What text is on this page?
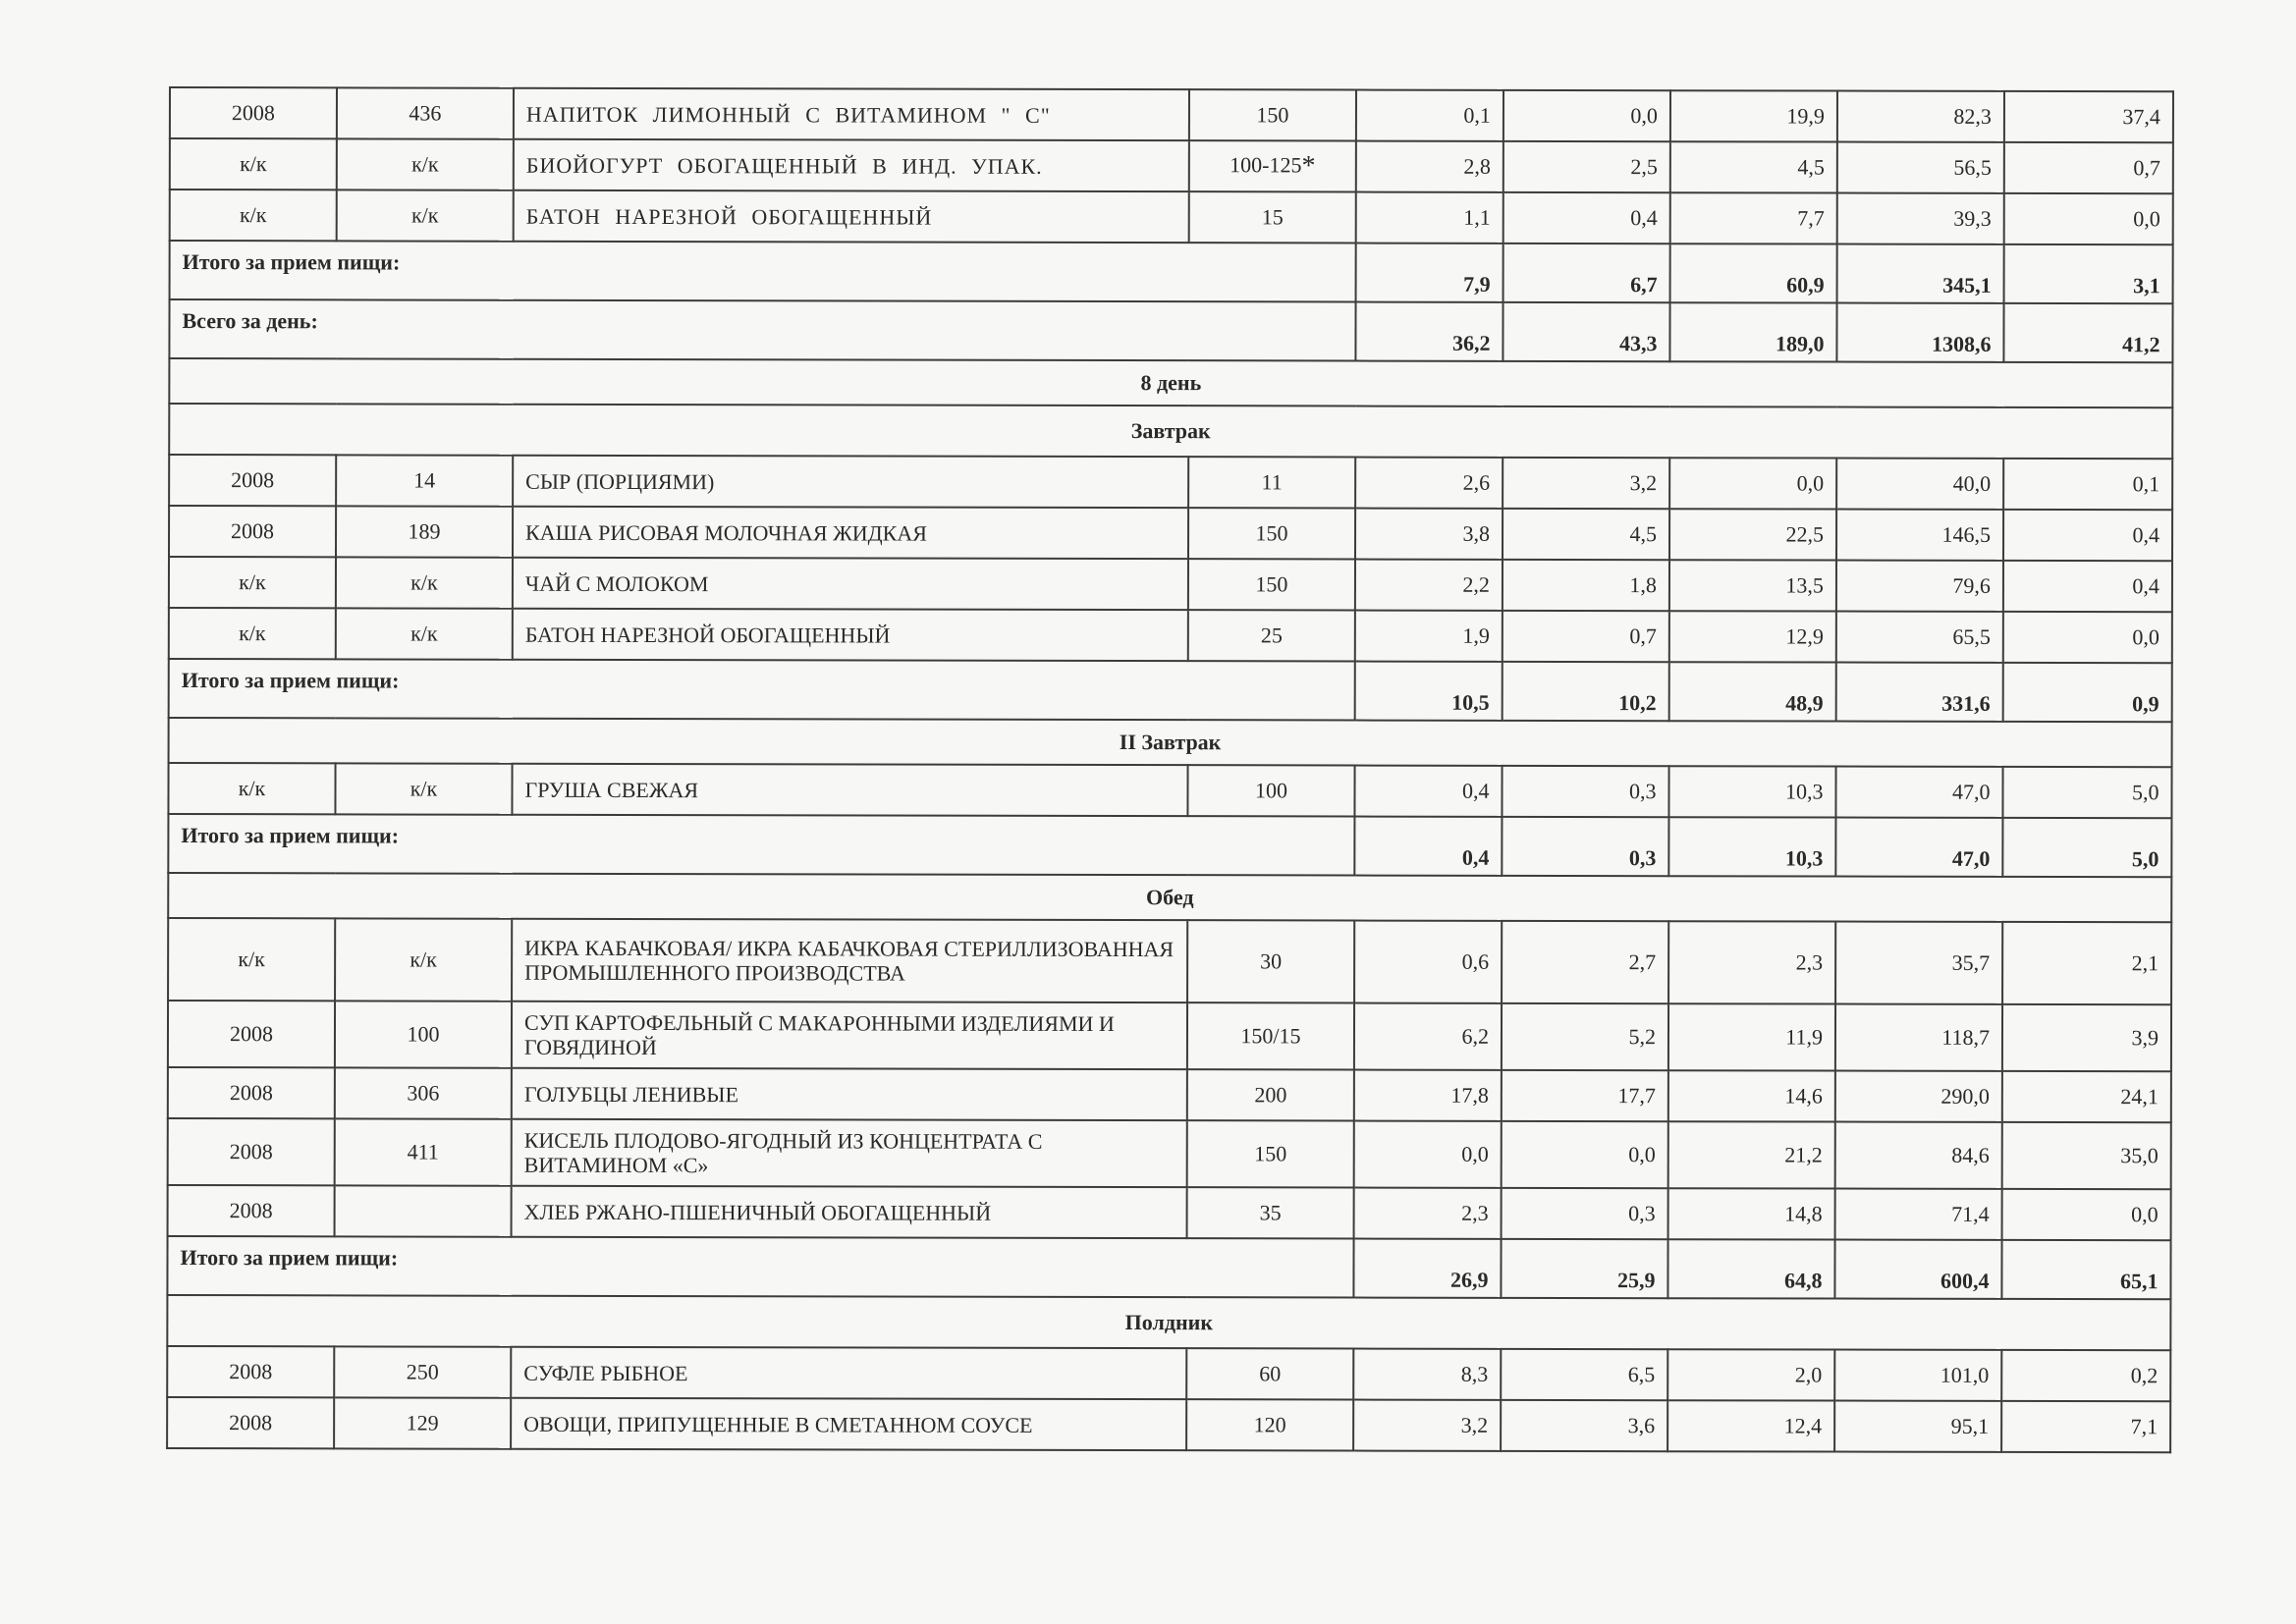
2008	436	НАПИТОК ЛИМОННЫЙ С ВИТАМИНОМ " С"	150	0,1	0,0	19,9	82,3	37,4
к/к	к/к	БИОЙОГУРТ ОБОГАЩЕННЫЙ В ИНД. УПАК.	100-125*	2,8	2,5	4,5	56,5	0,7
к/к	к/к	БАТОН НАРЕЗНОЙ ОБОГАЩЕННЫЙ	15	1,1	0,4	7,7	39,3	0,0
Итого за прием пищи:				7,9	6,7	60,9	345,1	3,1
Всего за день:				36,2	43,3	189,0	1308,6	41,2
8 день								
Завтрак								
2008	14	СЫР (ПОРЦИЯМИ)	11	2,6	3,2	0,0	40,0	0,1
2008	189	КАША РИСОВАЯ МОЛОЧНАЯ ЖИДКАЯ	150	3,8	4,5	22,5	146,5	0,4
к/к	к/к	ЧАЙ С МОЛОКОМ	150	2,2	1,8	13,5	79,6	0,4
к/к	к/к	БАТОН НАРЕЗНОЙ ОБОГАЩЕННЫЙ	25	1,9	0,7	12,9	65,5	0,0
Итого за прием пищи:				10,5	10,2	48,9	331,6	0,9
II Завтрак								
к/к	к/к	ГРУША СВЕЖАЯ	100	0,4	0,3	10,3	47,0	5,0
Итого за прием пищи:				0,4	0,3	10,3	47,0	5,0
Обед								
к/к	к/к	ИКРА КАБАЧКОВАЯ/ ИКРА КАБАЧКОВАЯ СТЕРИЛЛИЗОВАННАЯ ПРОМЫШЛЕННОГО ПРОИЗВОДСТВА	30	0,6	2,7	2,3	35,7	2,1
2008	100	СУП КАРТОФЕЛЬНЫЙ С МАКАРОННЫМИ ИЗДЕЛИЯМИ И ГОВЯДИНОЙ	150/15	6,2	5,2	11,9	118,7	3,9
2008	306	ГОЛУБЦЫ ЛЕНИВЫЕ	200	17,8	17,7	14,6	290,0	24,1
2008	411	КИСЕЛЬ ПЛОДОВО-ЯГОДНЫЙ ИЗ КОНЦЕНТРАТА С ВИТАМИНОМ «С»	150	0,0	0,0	21,2	84,6	35,0
2008		ХЛЕБ РЖАНО-ПШЕНИЧНЫЙ ОБОГАЩЕННЫЙ	35	2,3	0,3	14,8	71,4	0,0
Итого за прием пищи:				26,9	25,9	64,8	600,4	65,1
Полдник								
2008	250	СУФЛЕ РЫБНОЕ	60	8,3	6,5	2,0	101,0	0,2
2008	129	ОВОЩИ, ПРИПУЩЕННЫЕ В СМЕТАННОМ СОУСЕ	120	3,2	3,6	12,4	95,1	7,1
